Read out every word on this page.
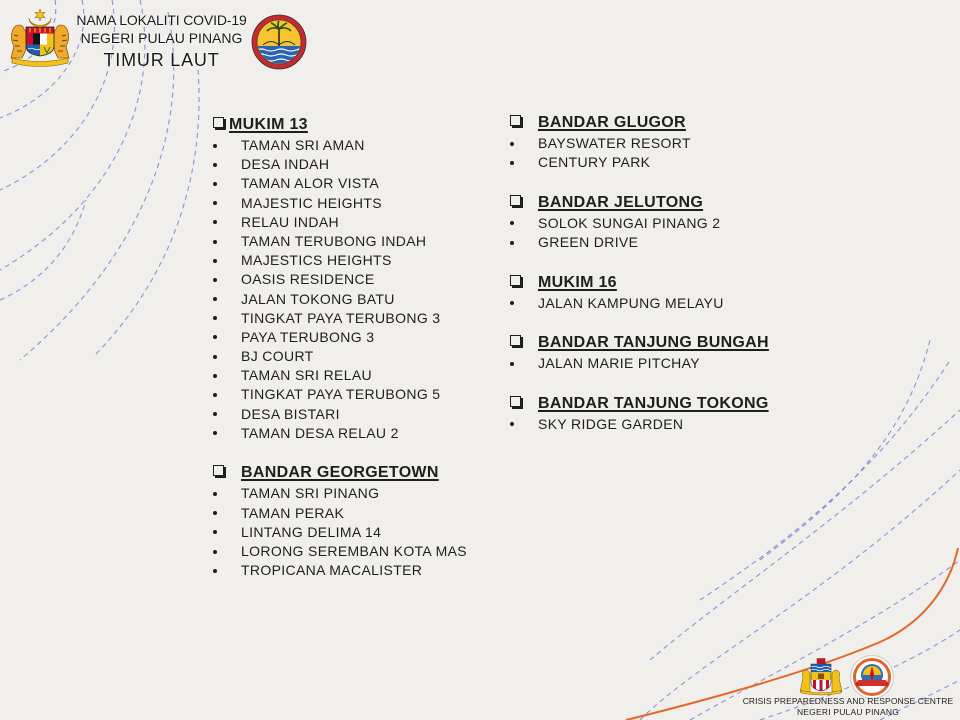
NAMA LOKALITI COVID-19
NEGERI PULAU PINANG
TIMUR LAUT
MUKIM 13
TAMAN SRI AMAN
DESA INDAH
TAMAN ALOR VISTA
MAJESTIC HEIGHTS
RELAU INDAH
TAMAN TERUBONG INDAH
MAJESTICS HEIGHTS
OASIS RESIDENCE
JALAN TOKONG BATU
TINGKAT PAYA TERUBONG 3
PAYA TERUBONG 3
BJ COURT
TAMAN SRI RELAU
TINGKAT PAYA TERUBONG 5
DESA BISTARI
TAMAN DESA RELAU 2
BANDAR GEORGETOWN
TAMAN SRI PINANG
TAMAN PERAK
LINTANG DELIMA 14
LORONG SEREMBAN KOTA MAS
TROPICANA MACALISTER
BANDAR GLUGOR
BAYSWATER RESORT
CENTURY PARK
BANDAR JELUTONG
SOLOK SUNGAI PINANG 2
GREEN DRIVE
MUKIM 16
JALAN KAMPUNG MELAYU
BANDAR TANJUNG BUNGAH
JALAN MARIE PITCHAY
BANDAR TANJUNG TOKONG
SKY RIDGE GARDEN
CRISIS PREPAREDNESS AND RESPONSE CENTRE
NEGERI PULAU PINANG
